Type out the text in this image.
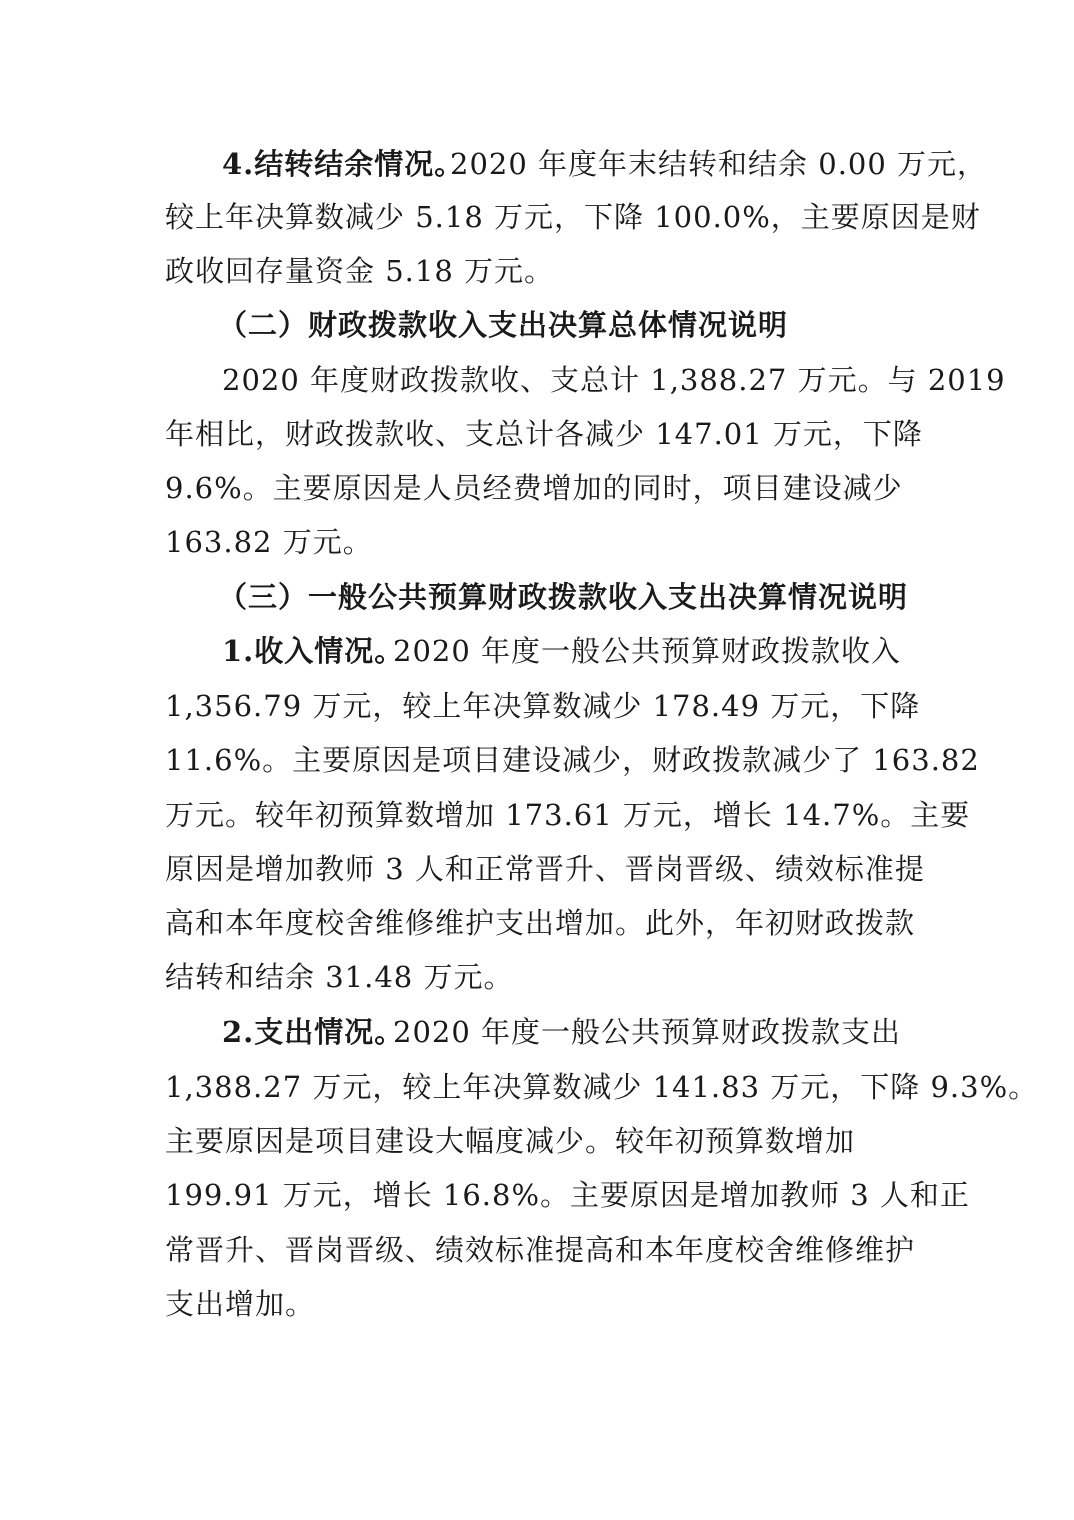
4.结转结余情况。
2020 年度年末结转和结余 0.00 万元，
较上年决算数减少 5.18 万元，下降 100.0%，主要原因是财
政收回存量资金 5.18 万元。
（二）财政拨款收入支出决算总体情况说明
2020 年度财政拨款收、支总计 1,388.27 万元。与 2019
年相比，财政拨款收、支总计各减少 147.01 万元，下降
9.6%。主要原因是人员经费增加的同时，项目建设减少
163.82 万元。
（三）一般公共预算财政拨款收入支出决算情况说明
1.收入情况。
2020 年度一般公共预算财政拨款收入
1,356.79 万元，较上年决算数减少 178.49 万元，下降
11.6%。主要原因是项目建设减少，财政拨款减少了 163.82
万元。较年初预算数增加 173.61 万元，增长 14.7%。主要
原因是增加教师 3 人和正常晋升、晋岗晋级、绩效标准提
高和本年度校舍维修维护支出增加。此外，年初财政拨款
结转和结余 31.48 万元。
2.支出情况。
2020 年度一般公共预算财政拨款支出
1,388.27 万元，较上年决算数减少 141.83 万元，下降 9.3%。
主要原因是项目建设大幅度减少。较年初预算数增加
199.91 万元，增长 16.8%。主要原因是增加教师 3 人和正
常晋升、晋岗晋级、绩效标准提高和本年度校舍维修维护
支出增加。
